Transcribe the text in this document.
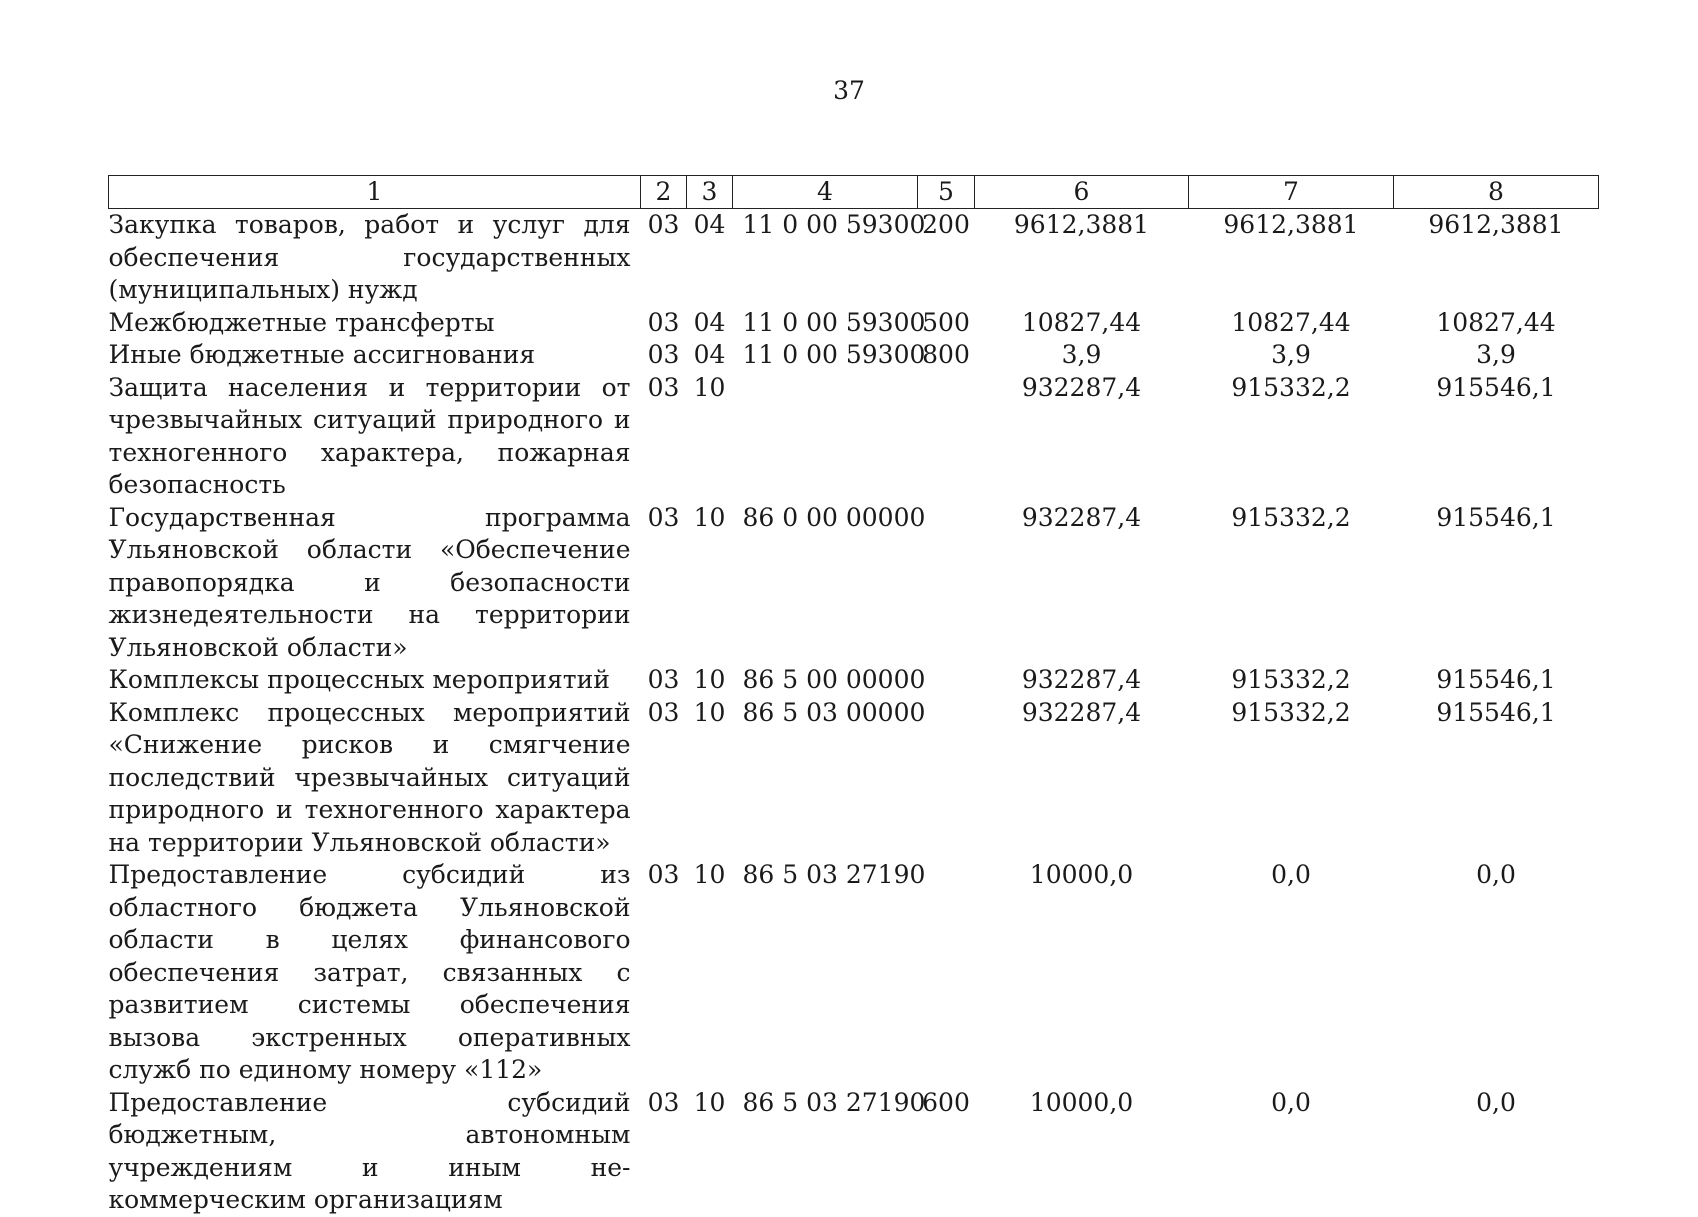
37
1	2	3	4	5	6	7	8
Закупка товаров, работ и услуг для обеспечения государственных (муниципальных) нужд	03	04	11 0 00 59300	200	9612,3881	9612,3881	9612,3881
Межбюджетные трансферты	03	04	11 0 00 59300	500	10827,44	10827,44	10827,44
Иные бюджетные ассигнования	03	04	11 0 00 59300	800	3,9	3,9	3,9
Защита населения и территории от чрезвычайных ситуаций природного и техногенного характера, пожарная безопасность	03	10			932287,4	915332,2	915546,1
Государственная программа Ульяновской области «Обеспечение правопорядка и безопасности жизнедеятельности на территории Ульяновской области»	03	10	86 0 00 00000		932287,4	915332,2	915546,1
Комплексы процессных мероприятий	03	10	86 5 00 00000		932287,4	915332,2	915546,1
Комплекс процессных мероприятий «Снижение рисков и смягчение последствий чрезвычайных ситуаций природного и техногенного характера на территории Ульяновской области»	03	10	86 5 03 00000		932287,4	915332,2	915546,1
Предоставление субсидий из областного бюджета Ульяновской области в целях финансового обеспечения затрат, связанных с развитием системы обеспечения вызова экстренных оперативных служб по единому номеру «112»	03	10	86 5 03 27190		10000,0	0,0	0,0
Предоставление субсидий бюджетным, автономным учреждениям и иным некоммерческим организациям	03	10	86 5 03 27190	600	10000,0	0,0	0,0
